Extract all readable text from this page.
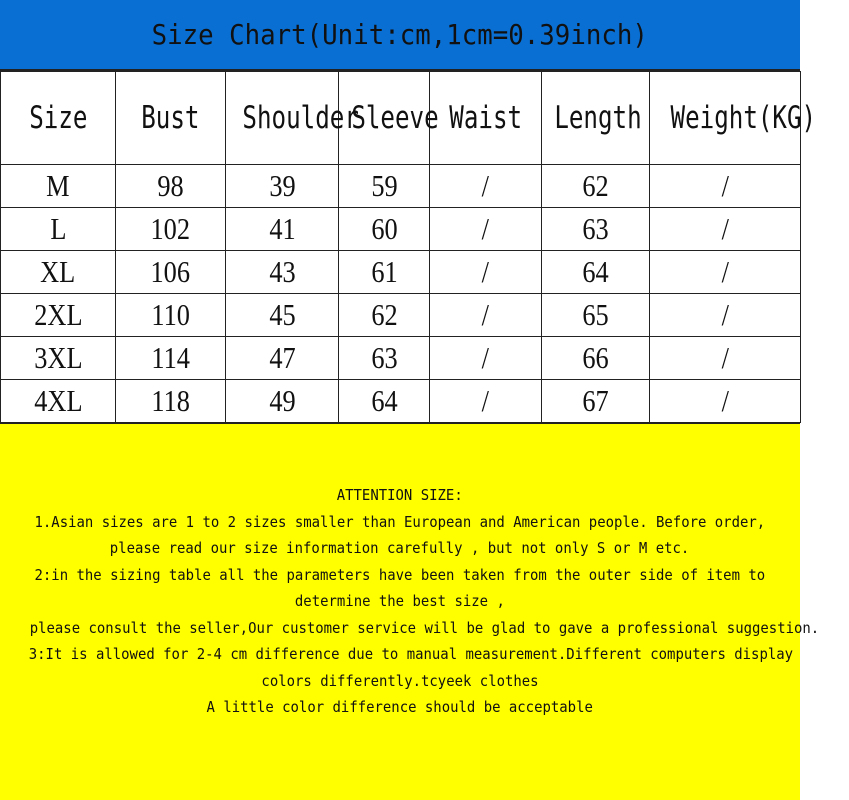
Size Chart(Unit:cm,1cm=0.39inch)
Size	Bust	Shoulder	Sleeve	Waist	Length	Weight(KG)
M	98	39	59	/	62	/
L	102	41	60	/	63	/
XL	106	43	61	/	64	/
2XL	110	45	62	/	65	/
3XL	114	47	63	/	66	/
4XL	118	49	64	/	67	/
ATTENTION SIZE:
1.Asian sizes are 1 to 2 sizes smaller than European and American people. Before order,
please read our size information carefully , but not only S or M etc.
2:in the sizing table all the parameters have been taken from the outer side of item to
determine the best size ,
please consult the seller,Our customer service will be glad to gave a professional suggestion.
3:It is allowed for 2-4 cm difference due to manual measurement.Different computers display
colors differently.tcyeek clothes
A little color difference should be acceptable
